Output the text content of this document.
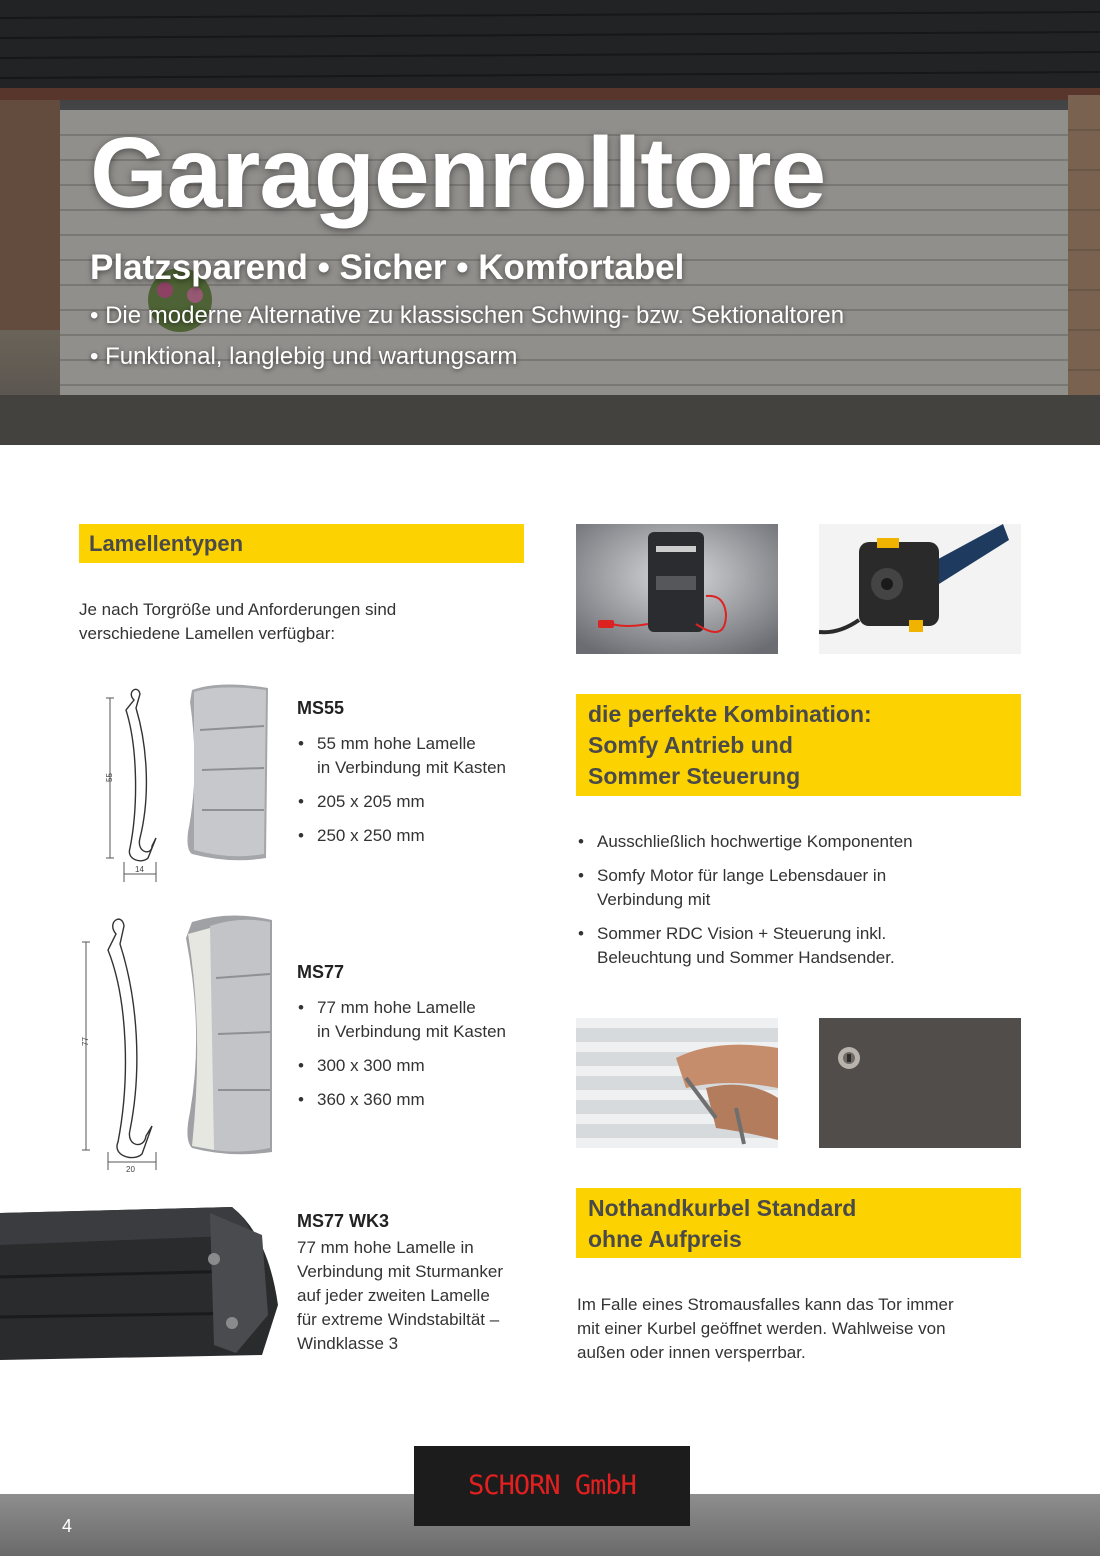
Garagenrolltore
Platzsparend • Sicher • Komfortabel
• Die moderne Alternative zu klassischen Schwing- bzw. Sektionaltoren
• Funktional, langlebig und wartungsarm
Lamellentypen
Je nach Torgröße und Anforderungen sind
verschiedene Lamellen verfügbar:
55
14
MS55
• 55 mm hohe Lamelle
in Verbindung mit Kasten
• 205 x 205 mm
• 250 x 250 mm
77
20
MS77
• 77 mm hohe Lamelle
in Verbindung mit Kasten
• 300 x 300 mm
• 360 x 360 mm
MS77 WK3
77 mm hohe Lamelle in
Verbindung mit Sturmanker
auf jeder zweiten Lamelle
für extreme Windstabiltät –
Windklasse 3
die perfekte Kombination:
Somfy Antrieb und
Sommer Steuerung
• Ausschließlich hochwertige Komponenten
• Somfy Motor für lange Lebensdauer in
Verbindung mit
• Sommer RDC Vision + Steuerung inkl.
Beleuchtung und Sommer Handsender.
Nothandkurbel Standard
ohne Aufpreis
Im Falle eines Stromausfalles kann das Tor immer
mit einer Kurbel geöffnet werden. Wahlweise von
außen oder innen versperrbar.
4
SCHORN GmbH
